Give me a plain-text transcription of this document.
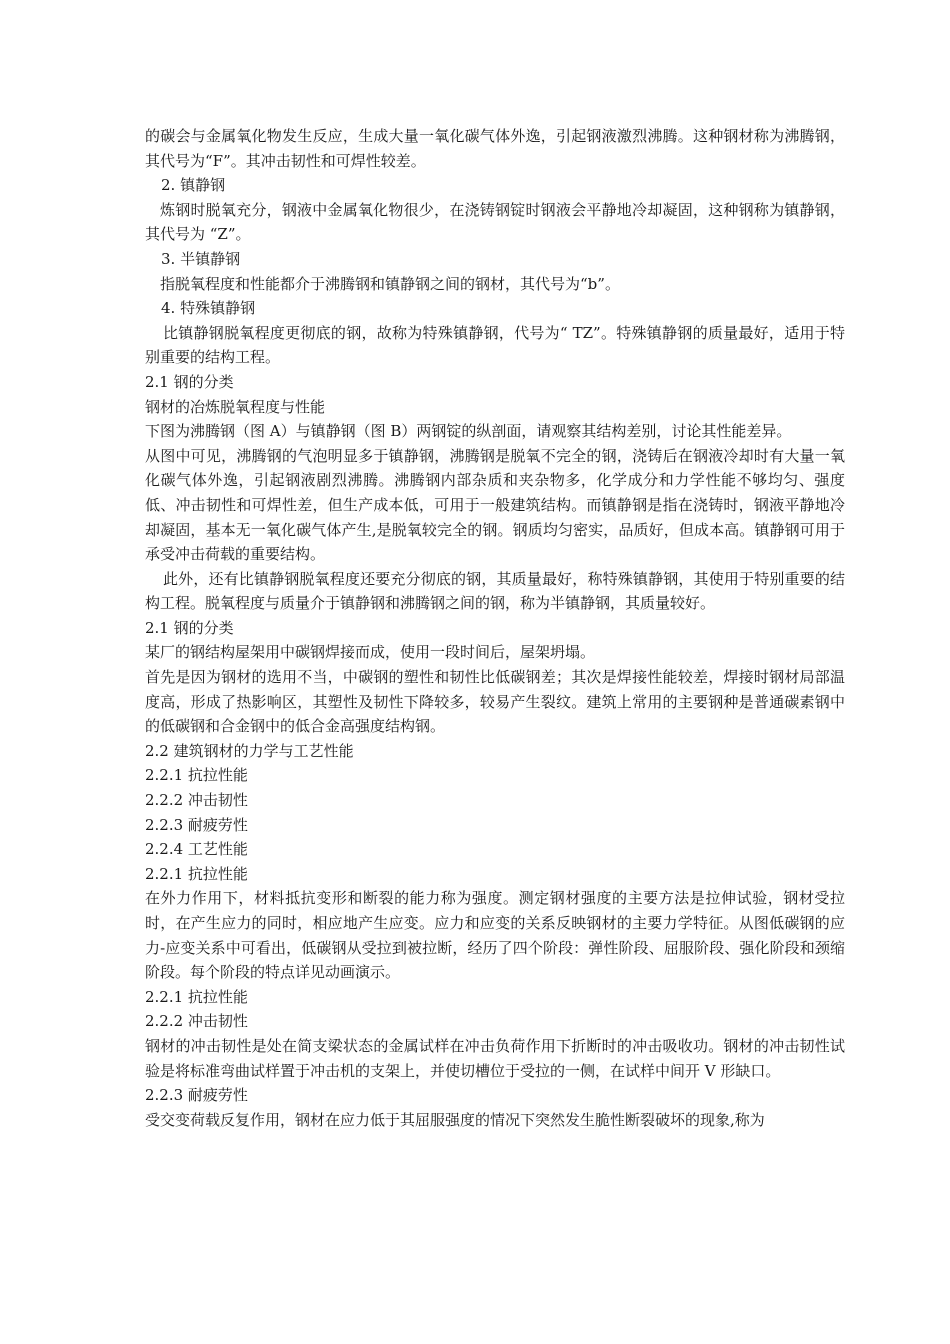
的碳会与金属氧化物发生反应，生成大量一氧化碳气体外逸，引起钢液激烈沸腾。这种钢材称为沸腾钢，其代号为“F”。其冲击韧性和可焊性较差。

2. 镇静钢

炼钢时脱氧充分，钢液中金属氧化物很少，在浇铸钢锭时钢液会平静地冷却凝固，这种钢称为镇静钢，其代号为 “Z”。

3. 半镇静钢

指脱氧程度和性能都介于沸腾钢和镇静钢之间的钢材，其代号为“b”。

4. 特殊镇静钢

比镇静钢脱氧程度更彻底的钢，故称为特殊镇静钢，代号为“ TZ”。特殊镇静钢的质量最好，适用于特别重要的结构工程。

2.1 钢的分类

钢材的冶炼脱氧程度与性能

下图为沸腾钢（图 A）与镇静钢（图 B）两钢锭的纵剖面，请观察其结构差别，讨论其性能差异。

从图中可见，沸腾钢的气泡明显多于镇静钢，沸腾钢是脱氧不完全的钢，浇铸后在钢液冷却时有大量一氧化碳气体外逸，引起钢液剧烈沸腾。沸腾钢内部杂质和夹杂物多，化学成分和力学性能不够均匀、强度低、冲击韧性和可焊性差，但生产成本低，可用于一般建筑结构。而镇静钢是指在浇铸时，钢液平静地冷却凝固，基本无一氧化碳气体产生,是脱氧较完全的钢。钢质均匀密实，品质好，但成本高。镇静钢可用于承受冲击荷载的重要结构。

此外，还有比镇静钢脱氧程度还要充分彻底的钢，其质量最好，称特殊镇静钢，其使用于特别重要的结构工程。脱氧程度与质量介于镇静钢和沸腾钢之间的钢，称为半镇静钢，其质量较好。

2.1 钢的分类

某厂的钢结构屋架用中碳钢焊接而成，使用一段时间后，屋架坍塌。

首先是因为钢材的选用不当，中碳钢的塑性和韧性比低碳钢差；其次是焊接性能较差，焊接时钢材局部温度高，形成了热影响区，其塑性及韧性下降较多，较易产生裂纹。建筑上常用的主要钢种是普通碳素钢中的低碳钢和合金钢中的低合金高强度结构钢。

2.2 建筑钢材的力学与工艺性能

2.2.1 抗拉性能

2.2.2 冲击韧性

2.2.3 耐疲劳性

2.2.4 工艺性能

2.2.1 抗拉性能

在外力作用下，材料抵抗变形和断裂的能力称为强度。测定钢材强度的主要方法是拉伸试验，钢材受拉时，在产生应力的同时，相应地产生应变。应力和应变的关系反映钢材的主要力学特征。从图低碳钢的应力-应变关系中可看出，低碳钢从受拉到被拉断，经历了四个阶段：弹性阶段、屈服阶段、强化阶段和颈缩阶段。每个阶段的特点详见动画演示。

2.2.1 抗拉性能

2.2.2 冲击韧性

钢材的冲击韧性是处在简支梁状态的金属试样在冲击负荷作用下折断时的冲击吸收功。钢材的冲击韧性试验是将标准弯曲试样置于冲击机的支架上，并使切槽位于受拉的一侧，在试样中间开 V 形缺口。

2.2.3 耐疲劳性

受交变荷载反复作用，钢材在应力低于其屈服强度的情况下突然发生脆性断裂破坏的现象,称为
